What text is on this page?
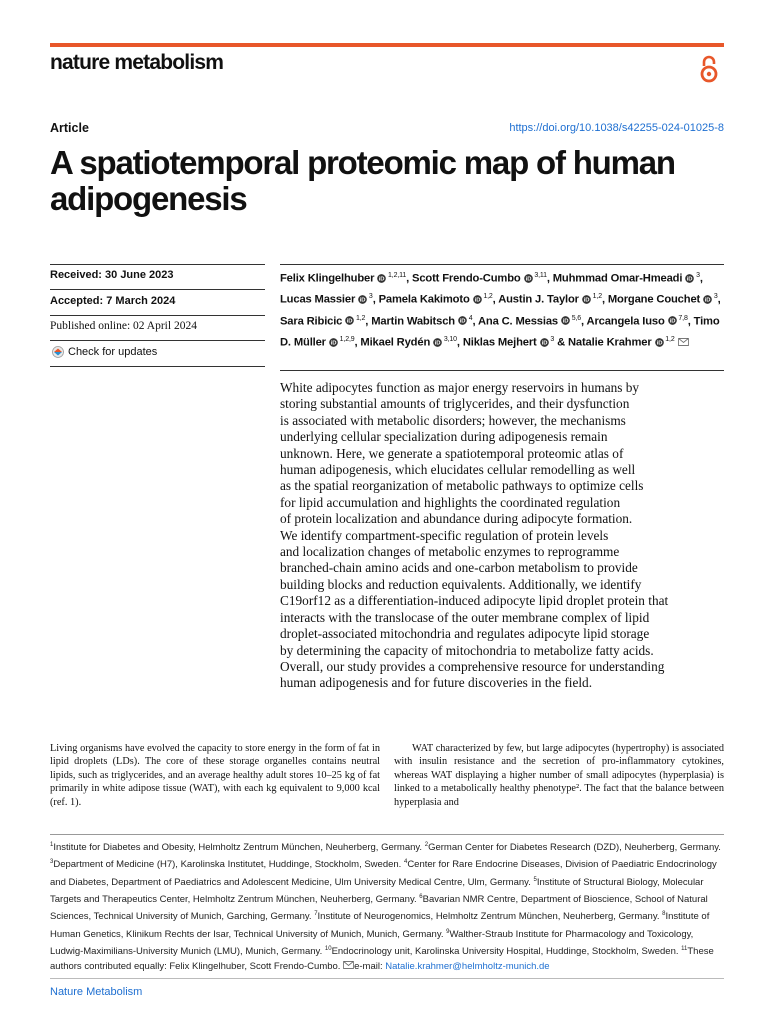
nature metabolism
Article	https://doi.org/10.1038/s42255-024-01025-8
A spatiotemporal proteomic map of human
adipogenesis
Received: 30 June 2023
Accepted: 7 March 2024
Published online: 02 April 2024
Check for updates
Felix Klingelhuber iD
$^{1,2,11}$, Scott Frendo-Cumbo iD
$^{3,11}$, Muhmmad Omar-Hmeadi iD
$^3$, Lucas Massier iD
$^3$, Pamela Kakimoto iD
$^{1,2}$, Austin J. Taylor iD
$^{1,2}$, Morgane Couchet iD
$^3$, Sara Ribicic iD
$^{1,2}$, Martin Wabitsch iD
$^4$, Ana C. Messias iD
$^{5,6}$, Arcangela Iuso iD
$^{7,8}$, Timo D. Müller iD
$^{1,2,9}$, Mikael Rydén iD
$^{3,10}$, Niklas Mejhert iD
$^3$ & Natalie Krahmer iD
$^{1,2}$
White adipocytes function as major energy reservoirs in humans by
storing substantial amounts of triglycerides, and their dysfunction
is associated with metabolic disorders; however, the mechanisms
underlying cellular specialization during adipogenesis remain
unknown. Here, we generate a spatiotemporal proteomic atlas of
human adipogenesis, which elucidates cellular remodelling as well
as the spatial reorganization of metabolic pathways to optimize cells
for lipid accumulation and highlights the coordinated regulation
of protein localization and abundance during adipocyte formation.
We identify compartment-specific regulation of protein levels
and localization changes of metabolic enzymes to reprogramme
branched-chain amino acids and one-carbon metabolism to provide
building blocks and reduction equivalents. Additionally, we identify
C19orf12 as a differentiation-induced adipocyte lipid droplet protein that
interacts with the translocase of the outer membrane complex of lipid
droplet-associated mitochondria and regulates adipocyte lipid storage
by determining the capacity of mitochondria to metabolize fatty acids.
Overall, our study provides a comprehensive resource for understanding
human adipogenesis and for future discoveries in the field.
Living organisms have evolved the capacity to store energy in the form of fat in lipid droplets (LDs). The core of these storage organelles contains neutral lipids, such as triglycerides, and an average healthy adult stores 10–25 kg of fat primarily in white adipose tissue (WAT), with each kg equivalent to 9,000 kcal (ref. 1).
WAT characterized by few, but large adipocytes (hypertrophy) is associated with insulin resistance and the secretion of pro-inflammatory cytokines, whereas WAT displaying a higher number of small adipocytes (hyperplasia) is linked to a metabolically healthy phenotype². The fact that the balance between hyperplasia and
$^1$Institute for Diabetes and Obesity, Helmholtz Zentrum München, Neuherberg, Germany. $^2$German Center for Diabetes Research (DZD), Neuherberg, Germany. $^3$Department of Medicine (H7), Karolinska Institutet, Huddinge, Stockholm, Sweden. $^4$Center for Rare Endocrine Diseases, Division of Paediatric Endocrinology and Diabetes, Department of Paediatrics and Adolescent Medicine, Ulm University Medical Centre, Ulm, Germany. $^5$Institute of Structural Biology, Molecular Targets and Therapeutics Center, Helmholtz Zentrum München, Neuherberg, Germany. $^6$Bavarian NMR Centre, Department of Bioscience, School of Natural Sciences, Technical University of Munich, Garching, Germany. $^7$Institute of Neurogenomics, Helmholtz Zentrum München, Neuherberg, Germany. $^8$Institute of Human Genetics, Klinikum Rechts der Isar, Technical University of Munich, Munich, Germany. $^9$Walther-Straub Institute for Pharmacology and Toxicology, Ludwig-Maximilians-University Munich (LMU), Munich, Germany. $^{10}$Endocrinology unit, Karolinska University Hospital, Huddinge, Stockholm, Sweden. $^{11}$These authors contributed equally: Felix Klingelhuber, Scott Frendo-Cumbo. e-mail: Natalie.krahmer@helmholtz-munich.de
Nature Metabolism
